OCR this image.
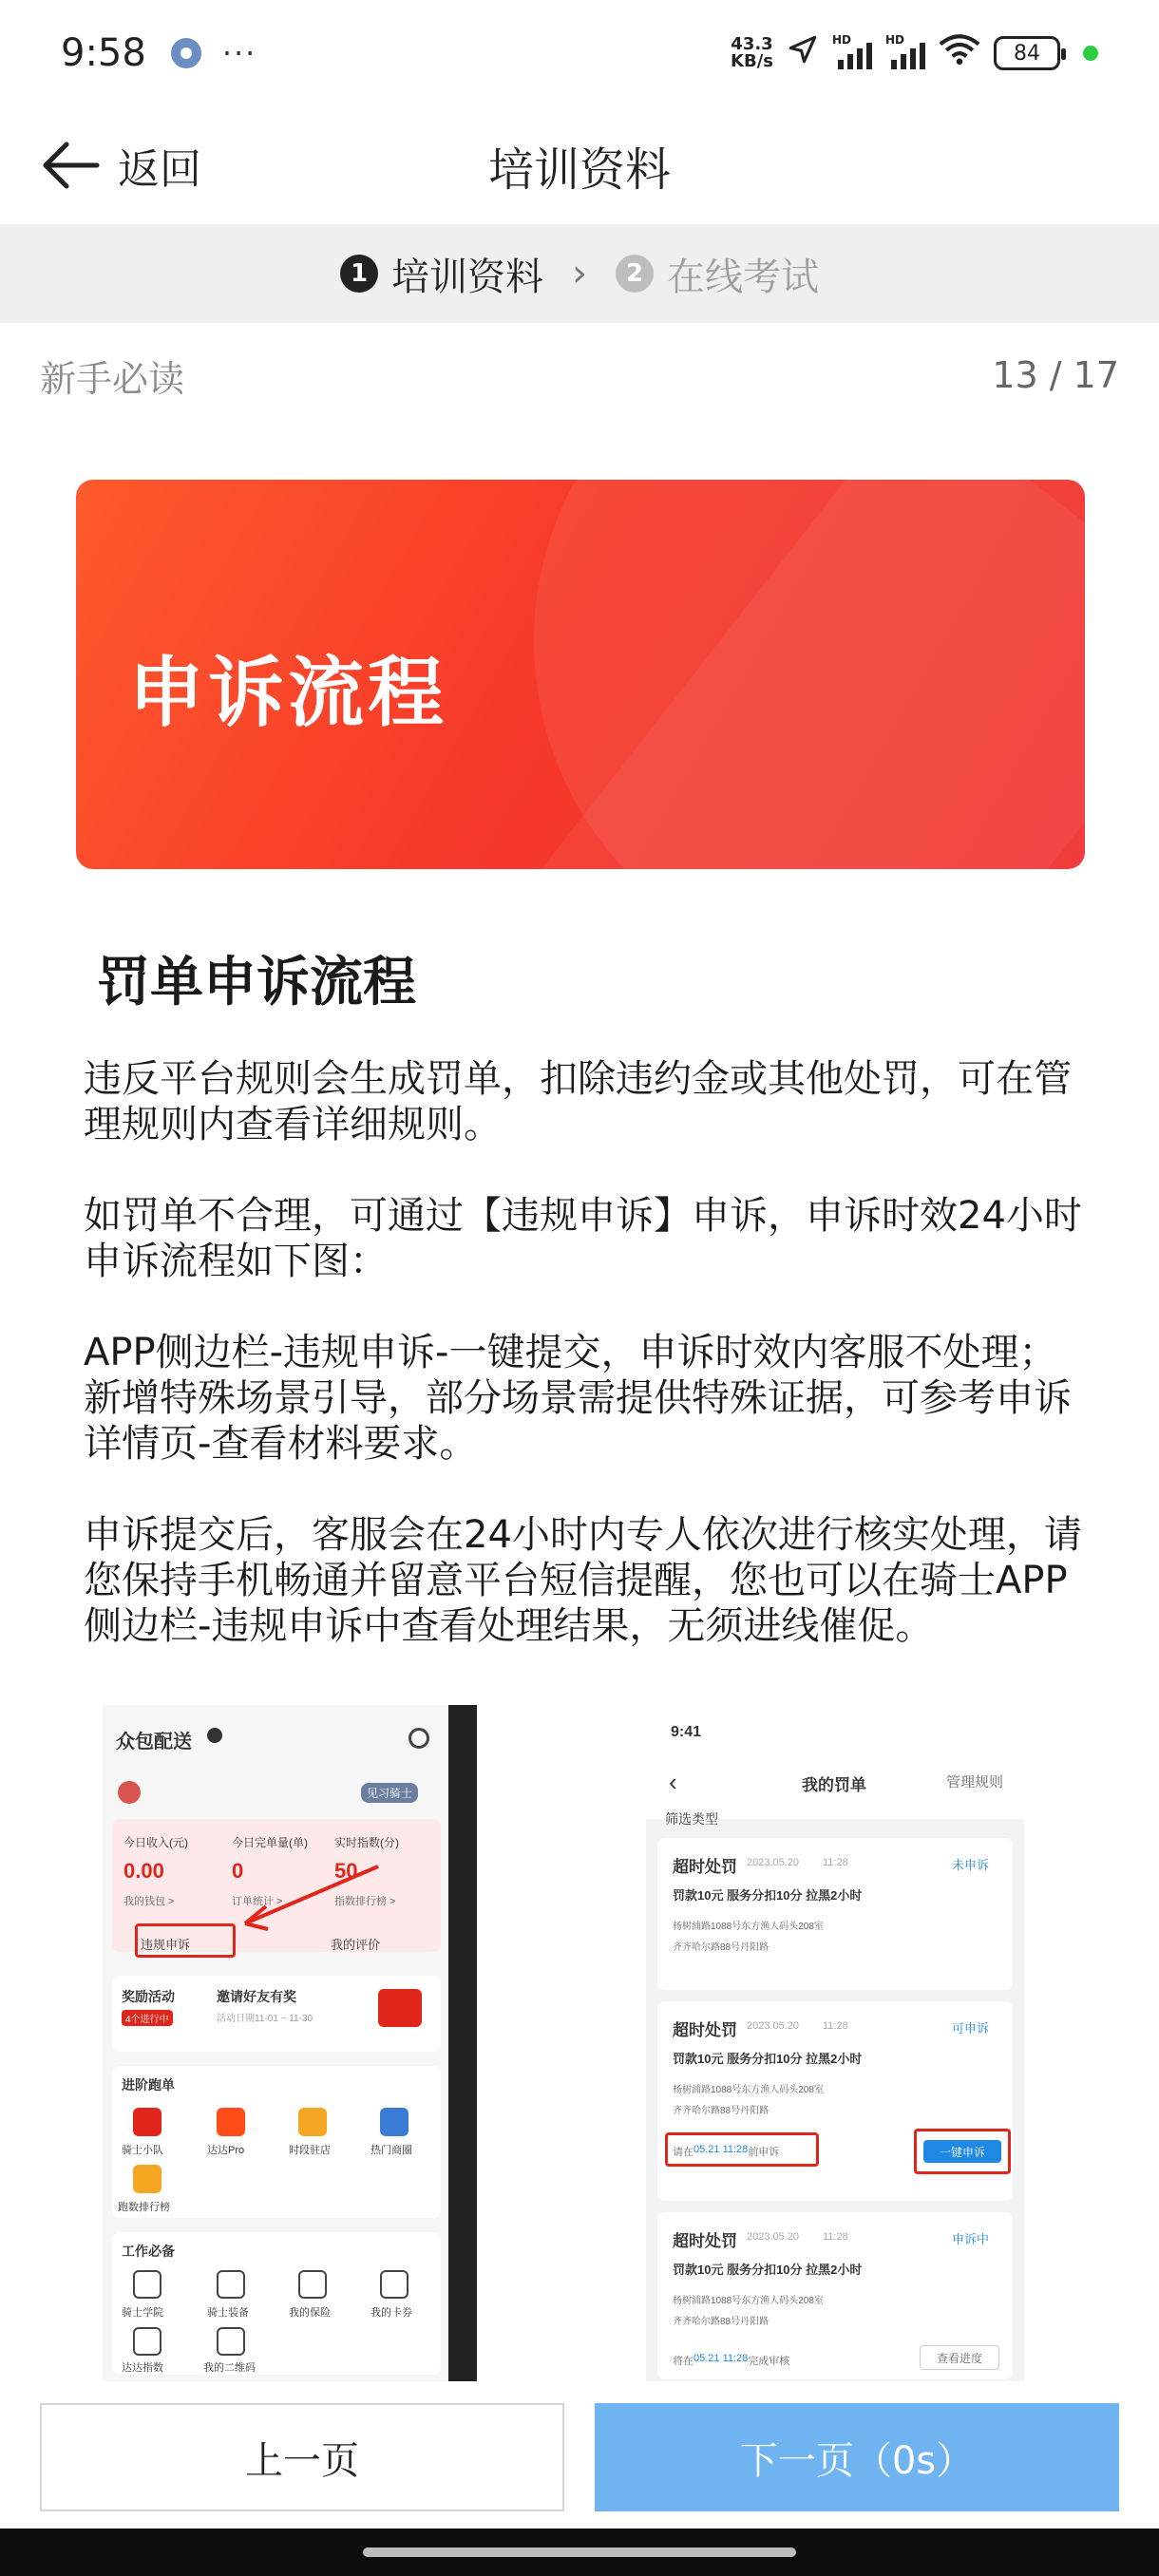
9:58	···	43.3
KB/s
HD	HD
84
返回	培训资料
1 培训资料 ›	2 在线考试
新手必读	13 / 17
申诉流程
罚单申诉流程

违反平台规则会生成罚单，扣除违约金或其他处罚，可在管理规则内查看详细规则。

如罚单不合理，可通过【违规申诉】申诉，申诉时效24小时申诉流程如下图：

APP侧边栏-违规申诉-一键提交，申诉时效内客服不处理；新增特殊场景引导，部分场景需提供特殊证据，可参考申诉详情页-查看材料要求。

申诉提交后，客服会在24小时内专人依次进行核实处理，请您保持手机畅通并留意平台短信提醒，您也可以在骑士APP侧边栏-违规申诉中查看处理结果，无须进线催促。

众包配送
见习骑士
今日收入(元)
0.00
我的钱包 >
今日完单量(单)
0
订单统计 >
实时指数(分)
50
指数排行榜 >
违规申诉	我的评价
奖励活动
4个进行中
邀请好友有奖
活动日期11-01 ~ 11-30
进阶跑单
骑士小队	达达Pro	时段驻店	热门商圈
跑数排行榜
工作必备
骑士学院	骑士装备	我的保险	我的卡券
达达指数	我的二维码
9:41
‹	我的罚单	管理规则
筛选类型
超时处罚 2023.05.20 11:28	未申诉
罚款10元 服务分扣10分 拉黑2小时
杨树浦路1088号东方渔人码头208室
齐齐哈尔路88号丹阳路
超时处罚 2023.05.20 11:28	可申诉
罚款10元 服务分扣10分 拉黑2小时
杨树浦路1088号东方渔人码头208室
齐齐哈尔路88号丹阳路
请在 05.21 11:28 前申诉	一键申诉
超时处罚 2023.05.20 11:28	申诉中
罚款10元 服务分扣10分 拉黑2小时
杨树浦路1088号东方渔人码头208室
齐齐哈尔路88号丹阳路
将在 05.21 11:28 完成审核	查看进度
上一页	下一页（0s）
